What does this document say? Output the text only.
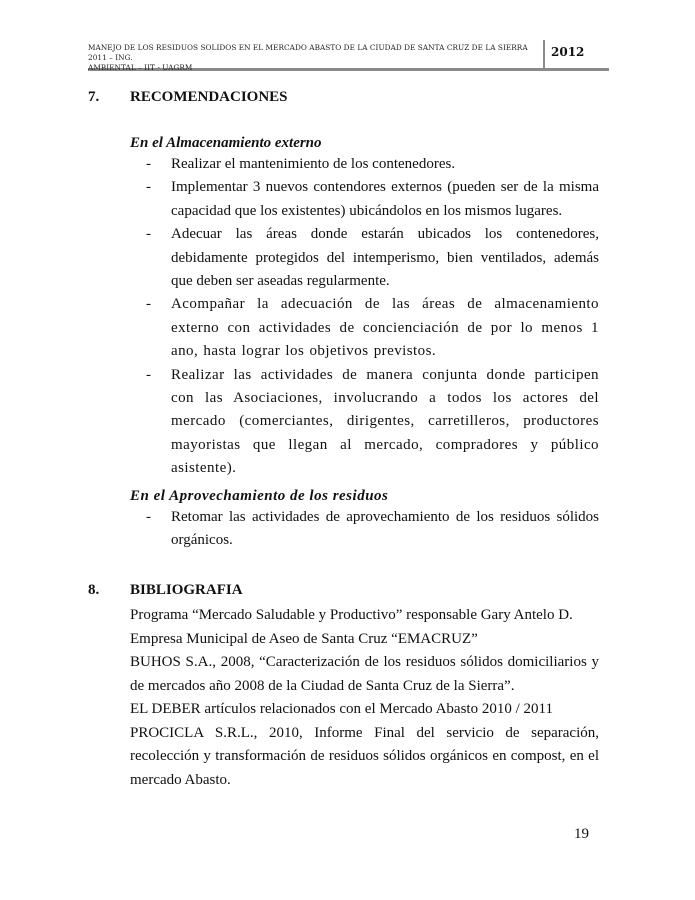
MANEJO DE LOS RESIDUOS SOLIDOS EN EL MERCADO ABASTO DE LA CIUDAD DE SANTA CRUZ DE LA SIERRA 2011 – ING.
AMBIENTAL – IIT - UAGRM
2012
7. RECOMENDACIONES
En el Almacenamiento externo
- Realizar el mantenimiento de los contenedores.
- Implementar 3 nuevos contendores externos (pueden ser de la misma capacidad que los existentes) ubicándolos en los mismos lugares.
- Adecuar las áreas donde estarán ubicados los contenedores, debidamente protegidos del intemperismo, bien ventilados, además que deben ser aseadas regularmente.
- Acompañar la adecuación de las áreas de almacenamiento externo con actividades de concienciación de por lo menos 1 ano, hasta lograr los objetivos previstos.
- Realizar las actividades de manera conjunta donde participen con las Asociaciones, involucrando a todos los actores del mercado (comerciantes, dirigentes, carretilleros, productores mayoristas que llegan al mercado, compradores y público asistente).
En el Aprovechamiento de los residuos
- Retomar las actividades de aprovechamiento de los residuos sólidos orgánicos.
8. BIBLIOGRAFIA
Programa “Mercado Saludable y Productivo” responsable Gary Antelo D.
Empresa Municipal de Aseo de Santa Cruz “EMACRUZ”
BUHOS S.A., 2008, “Caracterización de los residuos sólidos domiciliarios y de mercados año 2008 de la Ciudad de Santa Cruz de la Sierra”.
EL DEBER artículos relacionados con el Mercado Abasto 2010 / 2011
PROCICLA S.R.L., 2010, Informe Final del servicio de separación, recolección y transformación de residuos sólidos orgánicos en compost, en el mercado Abasto.
19
